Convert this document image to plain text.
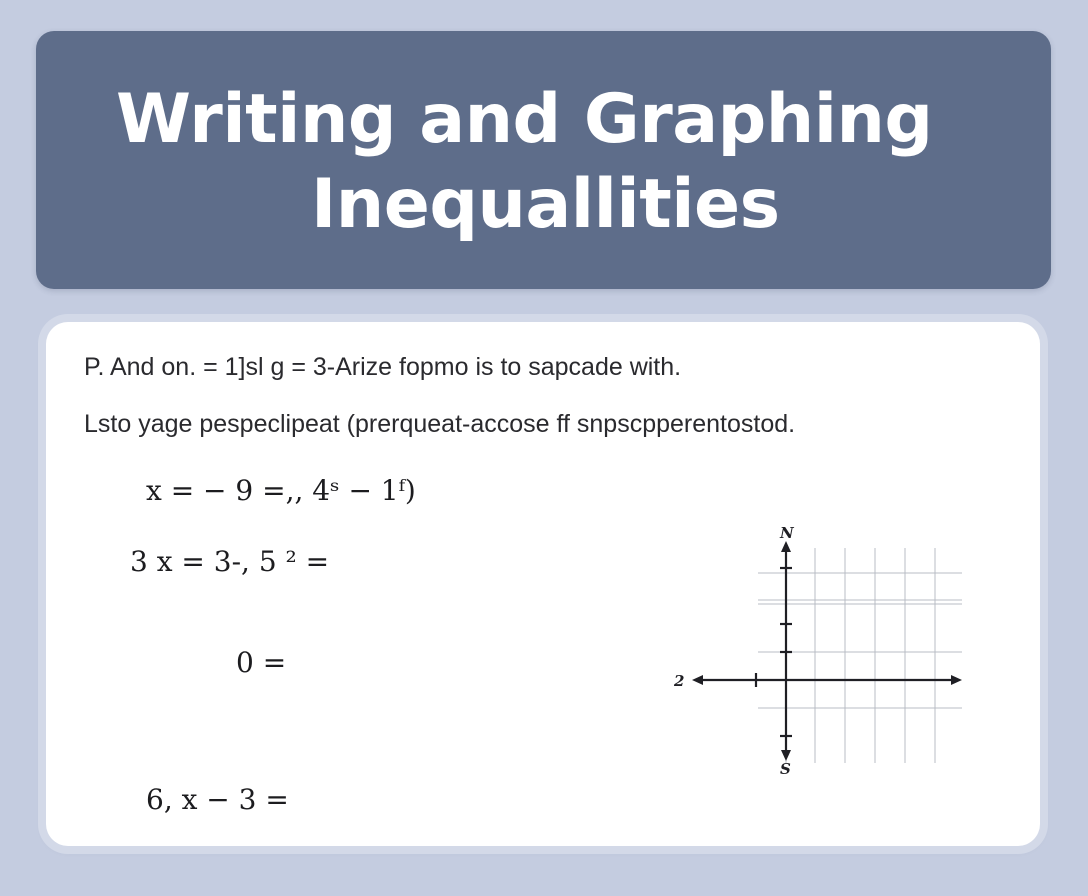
Writing and Graphing
Inequallities
P. And on. = 1]sl g = 3-Arize fopmo is to sapcade with.
Lsto yage pespeclipeat (prerqueat-accose ff snpscpperentostod.
x = − 9 =,, 4ˢ − 1ᶠ)
3 x = 3-, 5 ² =
0 =
6, x − 3 =
N
2
S
